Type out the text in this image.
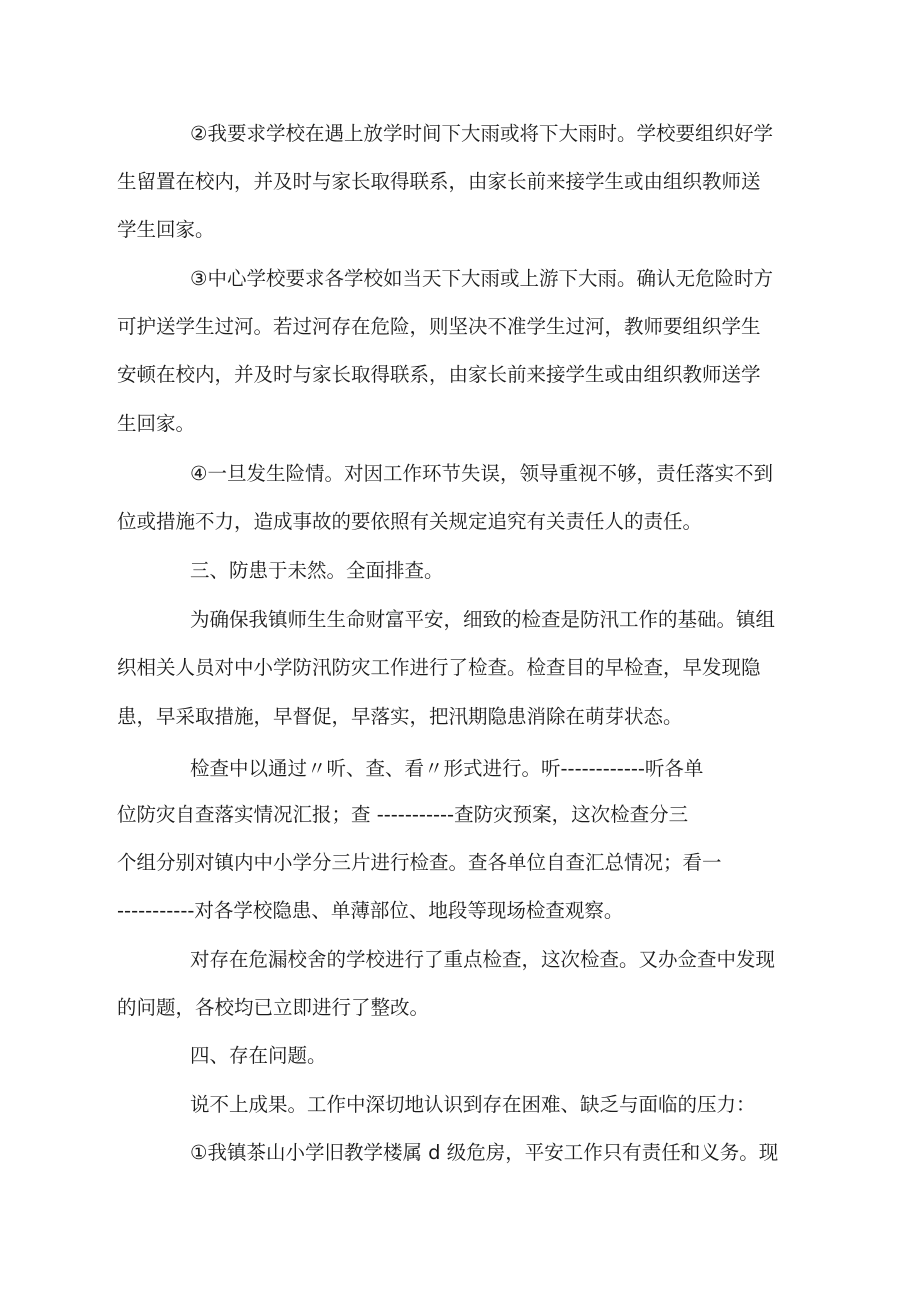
②我要求学校在遇上放学时间下大雨或将下大雨时。学校要组织好学
生留置在校内，并及时与家长取得联系，由家长前来接学生或由组织教师送
学生回家。
③中心学校要求各学校如当天下大雨或上游下大雨。确认无危险时方
可护送学生过河。若过河存在危险，则坚决不准学生过河，教师要组织学生
安顿在校内，并及时与家长取得联系，由家长前来接学生或由组织教师送学
生回家。
④一旦发生险情。对因工作环节失误，领导重视不够，责任落实不到
位或措施不力，造成事故的要依照有关规定追究有关责任人的责任。
三、防患于未然。全面排查。
为确保我镇师生生命财富平安，细致的检查是防汛工作的基础。镇组
织相关人员对中小学防汛防灾工作进行了检查。检查目的早检查，早发现隐
患，早采取措施，早督促，早落实，把汛期隐患消除在萌芽状态。
检查中以通过〃听、查、看〃形式进行。听------------听各单
位防灾自查落实情况汇报；查 -----------查防灾预案，这次检查分三
个组分别对镇内中小学分三片进行检查。查各单位自查汇总情况；看一
-----------对各学校隐患、单薄部位、地段等现场检查观察。
对存在危漏校舍的学校进行了重点检查，这次检查。又办佥查中发现
的问题，各校均已立即进行了整改。
四、存在问题。
说不上成果。工作中深切地认识到存在困难、缺乏与面临的压力：
①我镇茶山小学旧教学楼属 d 级危房，平安工作只有责任和义务。现
